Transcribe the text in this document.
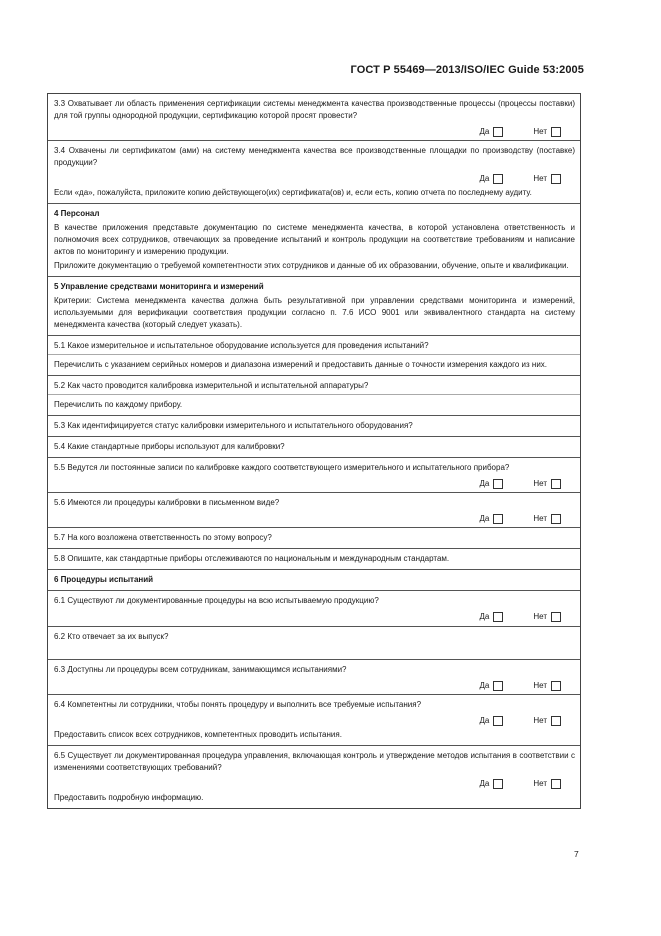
ГОСТ Р 55469—2013/ISO/IEC Guide 53:2005
3.3 Охватывает ли область применения сертификации системы менеджмента качества производственные процессы (процессы поставки) для той группы однородной продукции, сертификацию которой просят провести?
Да	Нет
3.4 Охвачены ли сертификатом (ами) на систему менеджмента качества все производственные площадки по производству (поставке) продукции?
Да	Нет
Если «да», пожалуйста, приложите копию действующего(их) сертификата(ов) и, если есть, копию отчета по последнему аудиту.
4 Персонал
В качестве приложения представьте документацию по системе менеджмента качества, в которой установлена ответственность и полномочия всех сотрудников, отвечающих за проведение испытаний и контроль продукции на соответствие требованиям и написание актов по мониторингу и измерению продукции.
Приложите документацию о требуемой компетентности этих сотрудников и данные об их образовании, обучение, опыте и квалификации.
5 Управление средствами мониторинга и измерений
Критерии: Система менеджмента качества должна быть результативной при управлении средствами мониторинга и измерений, используемыми для верификации соответствия продукции согласно п. 7.6 ИСО 9001 или эквивалентного стандарта на систему менеджмента качества (который следует указать).
5.1 Какое измерительное и испытательное оборудование используется для проведения испытаний?
Перечислить с указанием серийных номеров и диапазона измерений и предоставить данные о точности измерения каждого из них.
5.2 Как часто проводится калибровка измерительной и испытательной аппаратуры?
Перечислить по каждому прибору.
5.3 Как идентифицируется статус калибровки измерительного и испытательного оборудования?
5.4 Какие стандартные приборы используют для калибровки?
5.5 Ведутся ли постоянные записи по калибровке каждого соответствующего измерительного и испытательного прибора?
Да	Нет
5.6 Имеются ли процедуры калибровки в письменном виде?
Да	Нет
5.7 На кого возложена ответственность по этому вопросу?
5.8 Опишите, как стандартные приборы отслеживаются по национальным и международным стандартам.
6 Процедуры испытаний
6.1 Существуют ли документированные процедуры на всю испытываемую продукцию?
Да	Нет
6.2 Кто отвечает за их выпуск?
6.3 Доступны ли процедуры всем сотрудникам, занимающимся испытаниями?
Да	Нет
6.4 Компетентны ли сотрудники, чтобы понять процедуру и выполнить все требуемые испытания?
Да	Нет
Предоставить список всех сотрудников, компетентных проводить испытания.
6.5 Существует ли документированная процедура управления, включающая контроль и утверждение методов испытания в соответствии с изменениями соответствующих требований?
Да	Нет
Предоставить подробную информацию.
7
